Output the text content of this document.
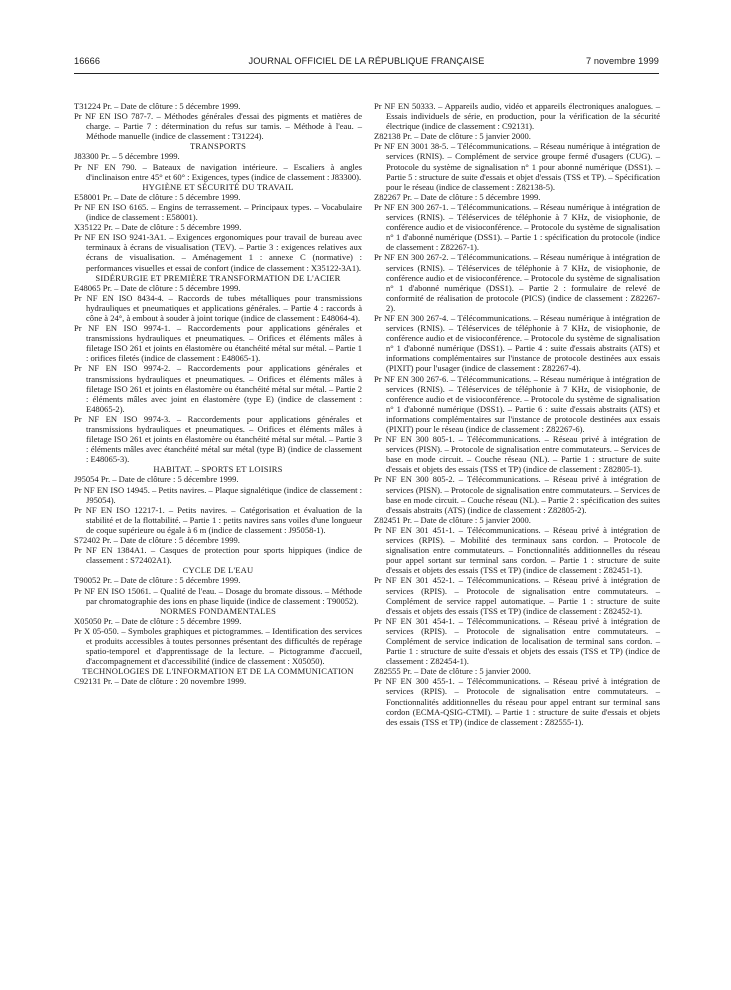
16666	JOURNAL OFFICIEL DE LA RÉPUBLIQUE FRANÇAISE	7 novembre 1999

T31224 Pr. – Date de clôture : 5 décembre 1999.

Pr NF EN ISO 787-7. – Méthodes générales d'essai des pigments et matières de charge. – Partie 7 : détermination du refus sur tamis. – Méthode à l'eau. – Méthode manuelle (indice de classement : T31224).

TRANSPORTS

J83300 Pr. – 5 décembre 1999.

Pr NF EN 790. – Bateaux de navigation intérieure. – Escaliers à angles d'inclinaison entre 45° et 60° : Exigences, types (indice de classement : J83300).

HYGIÈNE ET SÉCURITÉ DU TRAVAIL

E58001 Pr. – Date de clôture : 5 décembre 1999.

Pr NF EN ISO 6165. – Engins de terrassement. – Principaux types. – Vocabulaire (indice de classement : E58001).

X35122 Pr. – Date de clôture : 5 décembre 1999.

Pr NF EN ISO 9241-3A1. – Exigences ergonomiques pour travail de bureau avec terminaux à écrans de visualisation (TEV). – Partie 3 : exigences relatives aux écrans de visualisation. – Aménagement 1 : annexe C (normative) : performances visuelles et essai de confort (indice de classement : X35122-3A1).

SIDÉRURGIE ET PREMIÈRE TRANSFORMATION DE L'ACIER

E48065 Pr. – Date de clôture : 5 décembre 1999.

Pr NF EN ISO 8434-4. – Raccords de tubes métalliques pour transmissions hydrauliques et pneumatiques et applications générales. – Partie 4 : raccords à cône à 24°, à embout à souder à joint torique (indice de classement : E48064-4).

Pr NF EN ISO 9974-1. – Raccordements pour applications générales et transmissions hydrauliques et pneumatiques. – Orifices et éléments mâles à filetage ISO 261 et joints en élastomère ou étanchéité métal sur métal. – Partie 1 : orifices filetés (indice de classement : E48065-1).

Pr NF EN ISO 9974-2. – Raccordements pour applications générales et transmissions hydrauliques et pneumatiques. – Orifices et éléments mâles à filetage ISO 261 et joints en élastomère ou étanchéité métal sur métal. – Partie 2 : éléments mâles avec joint en élastomère (type E) (indice de classement : E48065-2).

Pr NF EN ISO 9974-3. – Raccordements pour applications générales et transmissions hydrauliques et pneumatiques. – Orifices et éléments mâles à filetage ISO 261 et joints en élastomère ou étanchéité métal sur métal. – Partie 3 : éléments mâles avec étanchéité métal sur métal (type B) (indice de classement : E48065-3).

HABITAT. – SPORTS ET LOISIRS

J95054 Pr. – Date de clôture : 5 décembre 1999.

Pr NF EN ISO 14945. – Petits navires. – Plaque signalétique (indice de classement : J95054).

Pr NF EN ISO 12217-1. – Petits navires. – Catégorisation et évaluation de la stabilité et de la flottabilité. – Partie 1 : petits navires sans voiles d'une longueur de coque supérieure ou égale à 6 m (indice de classement : J95058-1).

S72402 Pr. – Date de clôture : 5 décembre 1999.

Pr NF EN 1384A1. – Casques de protection pour sports hippiques (indice de classement : S72402A1).

CYCLE DE L'EAU

T90052 Pr. – Date de clôture : 5 décembre 1999.

Pr NF EN ISO 15061. – Qualité de l'eau. – Dosage du bromate dissous. – Méthode par chromatographie des ions en phase liquide (indice de classement : T90052).

NORMES FONDAMENTALES

X05050 Pr. – Date de clôture : 5 décembre 1999.

Pr X 05-050. – Symboles graphiques et pictogrammes. – Identification des services et produits accessibles à toutes personnes présentant des difficultés de repérage spatio-temporel et d'apprentissage de la lecture. – Pictogramme d'accueil, d'accompagnement et d'accessibilité (indice de classement : X05050).

TECHNOLOGIES DE L'INFORMATION ET DE LA COMMUNICATION

C92131 Pr. – Date de clôture : 20 novembre 1999.

Pr NF EN 50333. – Appareils audio, vidéo et appareils électroniques analogues. – Essais individuels de série, en production, pour la vérification de la sécurité électrique (indice de classement : C92131).

Z82138 Pr. – Date de clôture : 5 janvier 2000.

Pr NF EN 3001 38-5. – Télécommunications. – Réseau numérique à intégration de services (RNIS). – Complément de service groupe fermé d'usagers (CUG). – Protocole du système de signalisation n° 1 pour abonné numérique (DSS1). – Partie 5 : structure de suite d'essais et objet d'essais (TSS et TP). – Spécification pour le réseau (indice de classement : Z82138-5).

Z82267 Pr. – Date de clôture : 5 décembre 1999.

Pr NF EN 300 267-1. – Télécommunications. – Réseau numérique à intégration de services (RNIS). – Téléservices de téléphonie à 7 KHz, de visiophonie, de conférence audio et de visioconférence. – Protocole du système de signalisation n° 1 d'abonné numérique (DSS1). – Partie 1 : spécification du protocole (indice de classement : Z82267-1).

Pr NF EN 300 267-2. – Télécommunications. – Réseau numérique à intégration de services (RNIS). – Téléservices de téléphonie à 7 KHz, de visiophonie, de conférence audio et de visioconférence. – Protocole du système de signalisation n° 1 d'abonné numérique (DSS1). – Partie 2 : formulaire de relevé de conformité de réalisation de protocole (PICS) (indice de classement : Z82267-2).

Pr NF EN 300 267-4. – Télécommunications. – Réseau numérique à intégration de services (RNIS). – Téléservices de téléphonie à 7 KHz, de visiophonie, de conférence audio et de visioconférence. – Protocole du système de signalisation n° 1 d'abonné numérique (DSS1). – Partie 4 : suite d'essais abstraits (ATS) et informations complémentaires sur l'instance de protocole destinées aux essais (PIXIT) pour l'usager (indice de classement : Z82267-4).

Pr NF EN 300 267-6. – Télécommunications. – Réseau numérique à intégration de services (RNIS). – Téléservices de téléphonie à 7 KHz, de visiophonie, de conférence audio et de visioconférence. – Protocole du système de signalisation n° 1 d'abonné numérique (DSS1). – Partie 6 : suite d'essais abstraits (ATS) et informations complémentaires sur l'instance de protocole destinées aux essais (PIXIT) pour le réseau (indice de classement : Z82267-6).

Pr NF EN 300 805-1. – Télécommunications. – Réseau privé à intégration de services (PISN). – Protocole de signalisation entre commutateurs. – Services de base en mode circuit. – Couche réseau (NL). – Partie 1 : structure de suite d'essais et objets des essais (TSS et TP) (indice de classement : Z82805-1).

Pr NF EN 300 805-2. – Télécommunications. – Réseau privé à intégration de services (PISN). – Protocole de signalisation entre commutateurs. – Services de base en mode circuit. – Couche réseau (NL). – Partie 2 : spécification des suites d'essais abstraits (ATS) (indice de classement : Z82805-2).

Z82451 Pr. – Date de clôture : 5 janvier 2000.

Pr NF EN 301 451-1. – Télécommunications. – Réseau privé à intégration de services (RPIS). – Mobilité des terminaux sans cordon. – Protocole de signalisation entre commutateurs. – Fonctionnalités additionnelles du réseau pour appel sortant sur terminal sans cordon. – Partie 1 : structure de suite d'essais et objets des essais (TSS et TP) (indice de classement : Z82451-1).

Pr NF EN 301 452-1. – Télécommunications. – Réseau privé à intégration de services (RPIS). – Protocole de signalisation entre commutateurs. – Complément de service rappel automatique. – Partie 1 : structure de suite d'essais et objets des essais (TSS et TP) (indice de classement : Z82452-1).

Pr NF EN 301 454-1. – Télécommunications. – Réseau privé à intégration de services (RPIS). – Protocole de signalisation entre commutateurs. – Complément de service indication de localisation de terminal sans cordon. – Partie 1 : structure de suite d'essais et objets des essais (TSS et TP) (indice de classement : Z82454-1).

Z82555 Pr. – Date de clôture : 5 janvier 2000.

Pr NF EN 300 455-1. – Télécommunications. – Réseau privé à intégration de services (RPIS). – Protocole de signalisation entre commutateurs. – Fonctionnalités additionnelles du réseau pour appel entrant sur terminal sans cordon (ECMA-QSIG-CTMI). – Partie 1 : structure de suite d'essais et objets des essais (TSS et TP) (indice de classement : Z82555-1).
